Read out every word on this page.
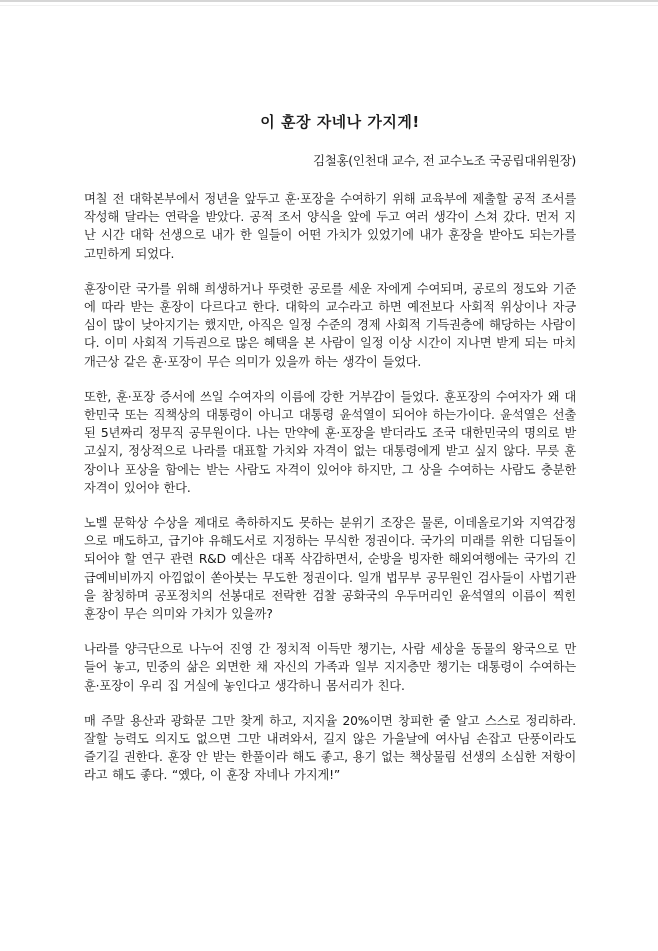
이 훈장 자네나 가지게!

김철홍(인천대 교수, 전 교수노조 국공립대위원장)

며칠 전 대학본부에서 정년을 앞두고 훈·포장을 수여하기 위해 교육부에 제출할 공적 조서를 작성해 달라는 연락을 받았다. 공적 조서 양식을 앞에 두고 여러 생각이 스쳐 갔다. 먼저 지난 시간 대학 선생으로 내가 한 일들이 어떤 가치가 있었기에 내가 훈장을 받아도 되는가를 고민하게 되었다.

훈장이란 국가를 위해 희생하거나 뚜렷한 공로를 세운 자에게 수여되며, 공로의 정도와 기준에 따라 받는 훈장이 다르다고 한다. 대학의 교수라고 하면 예전보다 사회적 위상이나 자긍심이 많이 낮아지기는 했지만, 아직은 일정 수준의 경제 사회적 기득권층에 해당하는 사람이다. 이미 사회적 기득권으로 많은 혜택을 본 사람이 일정 이상 시간이 지나면 받게 되는 마치 개근상 같은 훈·포장이 무슨 의미가 있을까 하는 생각이 들었다.

또한, 훈·포장 증서에 쓰일 수여자의 이름에 강한 거부감이 들었다. 훈포장의 수여자가 왜 대한민국 또는 직책상의 대통령이 아니고 대통령 윤석열이 되어야 하는가이다. 윤석열은 선출된 5년짜리 정무직 공무원이다. 나는 만약에 훈·포장을 받더라도 조국 대한민국의 명의로 받고싶지, 정상적으로 나라를 대표할 가치와 자격이 없는 대통령에게 받고 싶지 않다. 무릇 훈장이나 포상을 함에는 받는 사람도 자격이 있어야 하지만, 그 상을 수여하는 사람도 충분한 자격이 있어야 한다.

노벨 문학상 수상을 제대로 축하하지도 못하는 분위기 조장은 물론, 이데올로기와 지역감정으로 매도하고, 급기야 유해도서로 지정하는 무식한 정권이다. 국가의 미래를 위한 디딤돌이 되어야 할 연구 관련 R&D 예산은 대폭 삭감하면서, 순방을 빙자한 해외여행에는 국가의 긴급예비비까지 아낌없이 쏟아붓는 무도한 정권이다. 일개 법무부 공무원인 검사들이 사법기관을 참칭하며 공포정치의 선봉대로 전락한 검찰 공화국의 우두머리인 윤석열의 이름이 찍힌 훈장이 무슨 의미와 가치가 있을까?

나라를 양극단으로 나누어 진영 간 정치적 이득만 챙기는, 사람 세상을 동물의 왕국으로 만들어 놓고, 민중의 삶은 외면한 채 자신의 가족과 일부 지지층만 챙기는 대통령이 수여하는 훈·포장이 우리 집 거실에 놓인다고 생각하니 몸서리가 친다.

매 주말 용산과 광화문 그만 찾게 하고, 지지율 20%이면 창피한 줄 알고 스스로 정리하라. 잘할 능력도 의지도 없으면 그만 내려와서, 길지 않은 가을날에 여사님 손잡고 단풍이라도 즐기길 권한다. 훈장 안 받는 한풀이라 해도 좋고, 용기 없는 책상물림 선생의 소심한 저항이라고 해도 좋다. “옜다, 이 훈장 자네나 가지게!”
